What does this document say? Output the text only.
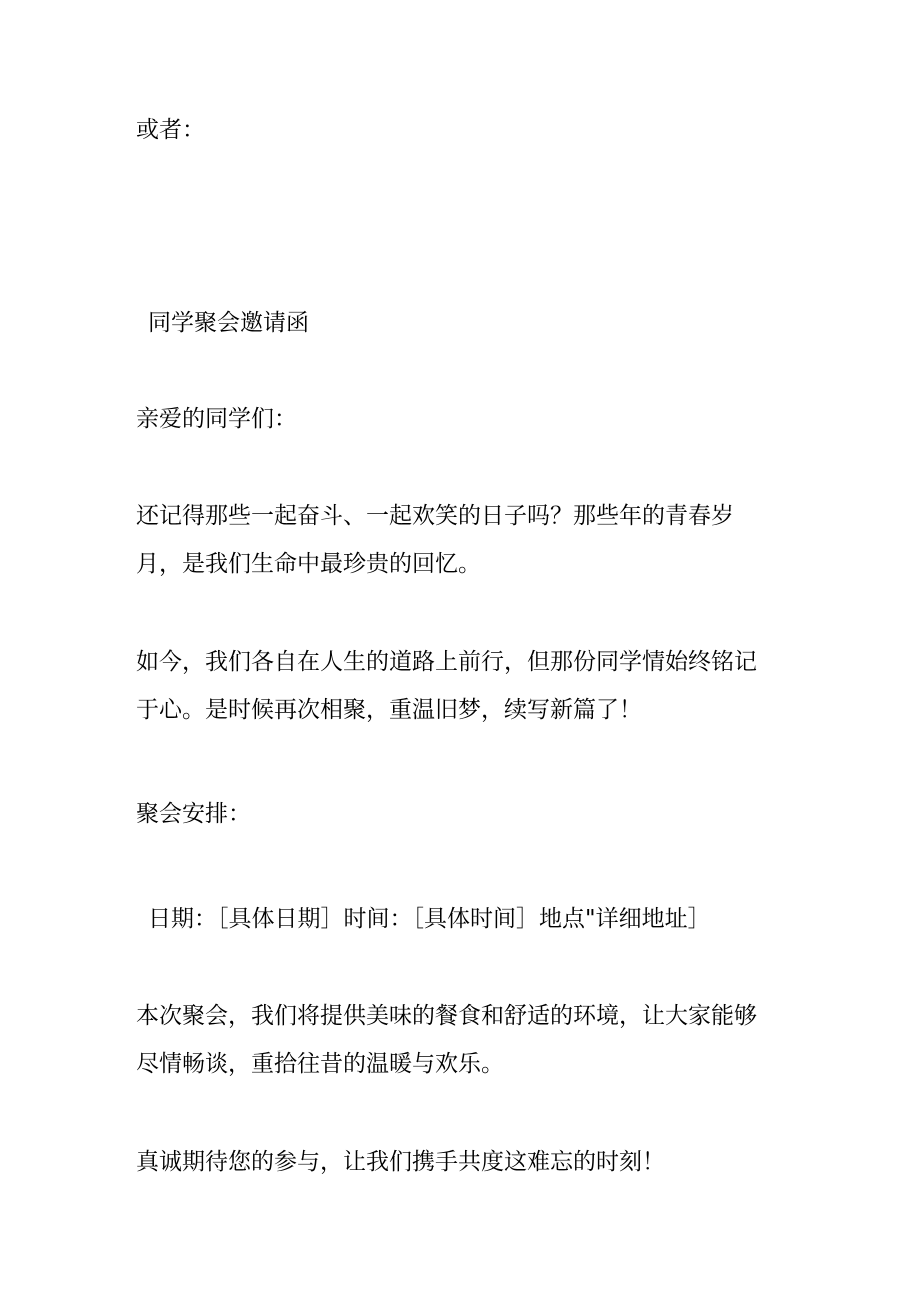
或者：

同学聚会邀请函

亲爱的同学们：

还记得那些一起奋斗、一起欢笑的日子吗？那些年的青春岁

月，是我们生命中最珍贵的回忆。

如今，我们各自在人生的道路上前行，但那份同学情始终铭记

于心。是时候再次相聚，重温旧梦，续写新篇了！

聚会安排：

日期：［具体日期］时间：［具体时间］地点"详细地址］

本次聚会，我们将提供美味的餐食和舒适的环境，让大家能够

尽情畅谈，重拾往昔的温暖与欢乐。

真诚期待您的参与，让我们携手共度这难忘的时刻！
